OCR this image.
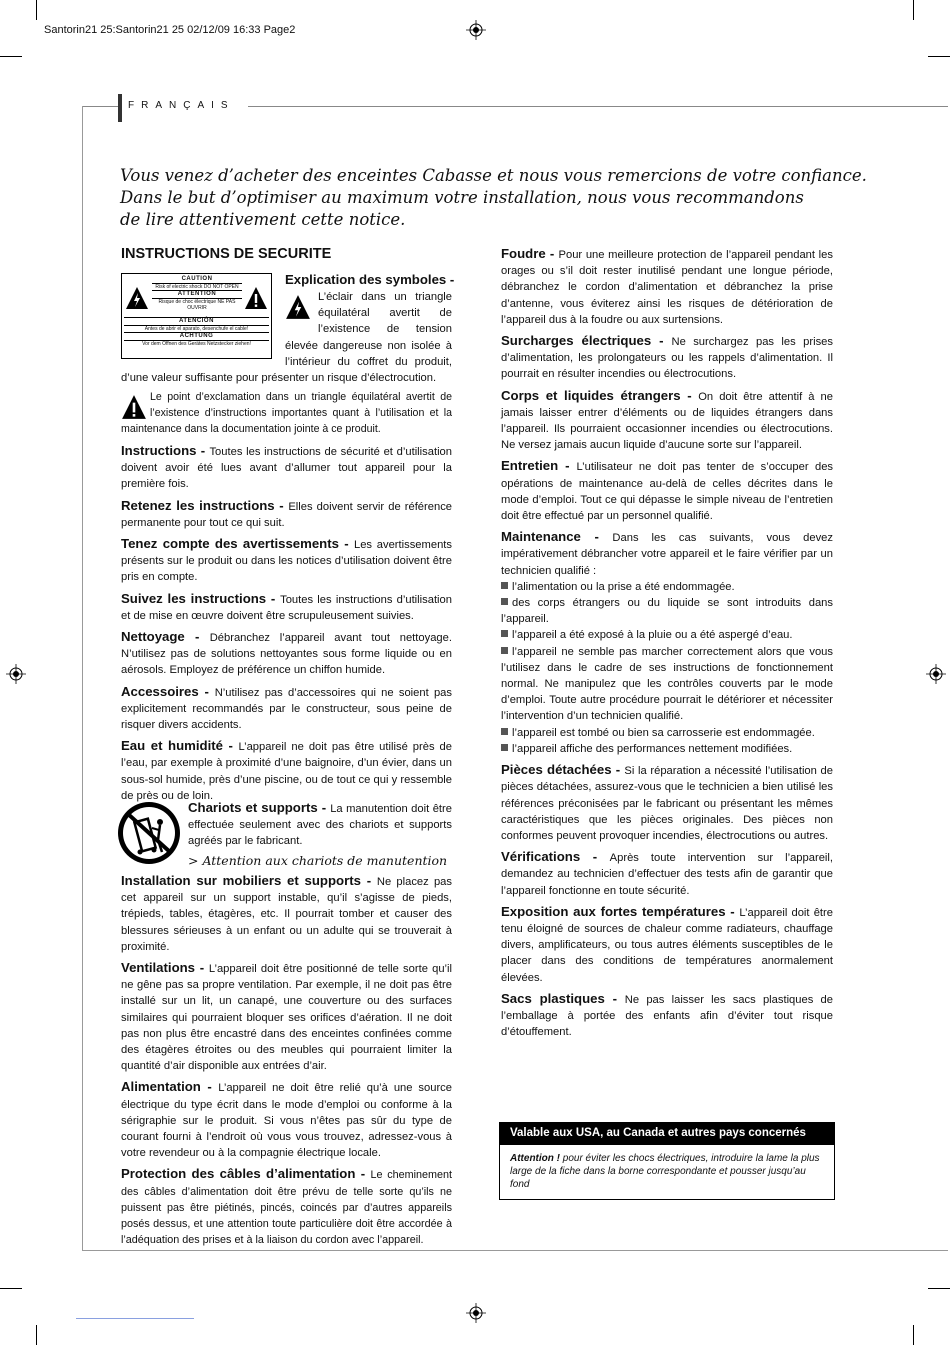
Santorin21 25:Santorin21 25 02/12/09 16:33 Page2
FRANÇAIS
Vous venez d’acheter des enceintes Cabasse et nous vous remercions de votre confiance.
Dans le but d’optimiser au maximum votre installation, nous vous recommandons
de lire attentivement cette notice.
INSTRUCTIONS DE SECURITE
CAUTION
Risk of electric shock DO NOT OPEN
ATTENTION
Risque de choc électrique NE PAS OUVRIR
ATENCIÓN
Antes de abrir el aparato, desenchufe el cable!
ACHTUNG
Vor dem Öffnen des Gerätes Netzstecker ziehen!
Explication des symboles -
L’éclair dans un triangle équilatéral avertit de l’existence de tension élevée dangereuse non isolée à l’intérieur du coffret du produit, d’une valeur suffisante pour présenter un risque d’électrocution.
Le point d’exclamation dans un triangle équilatéral avertit de l’existence d’instructions importantes quant à l’utilisation et la maintenance dans la documentation jointe à ce produit.

Instructions - Toutes les instructions de sécurité et d’utilisation doivent avoir été lues avant d’allumer tout appareil pour la première fois.

Retenez les instructions - Elles doivent servir de référence permanente pour tout ce qui suit.

Tenez compte des avertissements - Les avertissements présents sur le produit ou dans les notices d’utilisation doivent être pris en compte.

Suivez les instructions - Toutes les instructions d’utilisation et de mise en œuvre doivent être scrupuleusement suivies.

Nettoyage - Débranchez l’appareil avant tout nettoyage. N’utilisez pas de solutions nettoyantes sous forme liquide ou en aérosols. Employez de préférence un chiffon humide.

Accessoires - N’utilisez pas d’accessoires qui ne soient pas explicitement recommandés par le constructeur, sous peine de risquer divers accidents.

Eau et humidité - L’appareil ne doit pas être utilisé près de l’eau, par exemple à proximité d’une baignoire, d’un évier, dans un sous-sol humide, près d’une piscine, ou de tout ce qui y ressemble de près ou de loin.

Chariots et supports - La manutention doit être effectuée seulement avec des chariots et supports agréés par le fabricant.

> Attention aux chariots de manutention

Installation sur mobiliers et supports - Ne placez pas cet appareil sur un support instable, qu’il s’agisse de pieds, trépieds, tables, étagères, etc. Il pourrait tomber et causer des blessures sérieuses à un enfant ou un adulte qui se trouverait à proximité.

Ventilations - L’appareil doit être positionné de telle sorte qu’il ne gêne pas sa propre ventilation. Par exemple, il ne doit pas être installé sur un lit, un canapé, une couverture ou des surfaces similaires qui pourraient bloquer ses orifices d’aération. Il ne doit pas non plus être encastré dans des enceintes confinées comme des étagères étroites ou des meubles qui pourraient limiter la quantité d’air disponible aux entrées d’air.

Alimentation - L’appareil ne doit être relié qu’à une source électrique du type écrit dans le mode d’emploi ou conforme à la sérigraphie sur le produit. Si vous n’êtes pas sûr du type de courant fourni à l’endroit où vous vous trouvez, adressez-vous à votre revendeur ou à la compagnie électrique locale.

Protection des câbles d’alimentation - Le cheminement des câbles d’alimentation doit être prévu de telle sorte qu’ils ne puissent pas être piétinés, pincés, coincés par d’autres appareils posés dessus, et une attention toute particulière doit être accordée à l’adéquation des prises et à la liaison du cordon avec l’appareil.

Foudre - Pour une meilleure protection de l’appareil pendant les orages ou s’il doit rester inutilisé pendant une longue période, débranchez le cordon d’alimentation et débranchez la prise d’antenne, vous éviterez ainsi les risques de détérioration de l’appareil dus à la foudre ou aux surtensions.

Surcharges électriques - Ne surchargez pas les prises d’alimentation, les prolongateurs ou les rappels d’alimentation. Il pourrait en résulter incendies ou électrocutions.

Corps et liquides étrangers - On doit être attentif à ne jamais laisser entrer d’éléments ou de liquides étrangers dans l’appareil. Ils pourraient occasionner incendies ou électrocutions. Ne versez jamais aucun liquide d’aucune sorte sur l’appareil.

Entretien - L’utilisateur ne doit pas tenter de s’occuper des opérations de maintenance au-delà de celles décrites dans le mode d’emploi. Tout ce qui dépasse le simple niveau de l’entretien doit être effectué par un personnel qualifié.

Maintenance - Dans les cas suivants, vous devez impérativement débrancher votre appareil et le faire vérifier par un technicien qualifié :

l’alimentation ou la prise a été endommagée.
des corps étrangers ou du liquide se sont introduits dans l’appareil.
l’appareil a été exposé à la pluie ou a été aspergé d’eau.
l’appareil ne semble pas marcher correctement alors que vous l’utilisez dans le cadre de ses instructions de fonctionnement normal. Ne manipulez que les contrôles couverts par le mode d’emploi. Toute autre procédure pourrait le détériorer et nécessiter l’intervention d’un technicien qualifié.
l’appareil est tombé ou bien sa carrosserie est endommagée.
l’appareil affiche des performances nettement modifiées.

Pièces détachées - Si la réparation a nécessité l’utilisation de pièces détachées, assurez-vous que le technicien a bien utilisé les références préconisées par le fabricant ou présentant les mêmes caractéristiques que les pièces originales. Des pièces non conformes peuvent provoquer incendies, électrocutions ou autres.

Vérifications - Après toute intervention sur l’appareil, demandez au technicien d’effectuer des tests afin de garantir que l’appareil fonctionne en toute sécurité.

Exposition aux fortes températures - L’appareil doit être tenu éloigné de sources de chaleur comme radiateurs, chauffage divers, amplificateurs, ou tous autres éléments susceptibles de le placer dans des conditions de températures anormalement élevées.

Sacs plastiques - Ne pas laisser les sacs plastiques de l’emballage à portée des enfants afin d’éviter tout risque d’étouffement.

Valable aux USA, au Canada et autres pays concernés
Attention ! pour éviter les chocs électriques, introduire la lame la plus large de la fiche dans la borne correspondante et pousser jusqu’au fond
